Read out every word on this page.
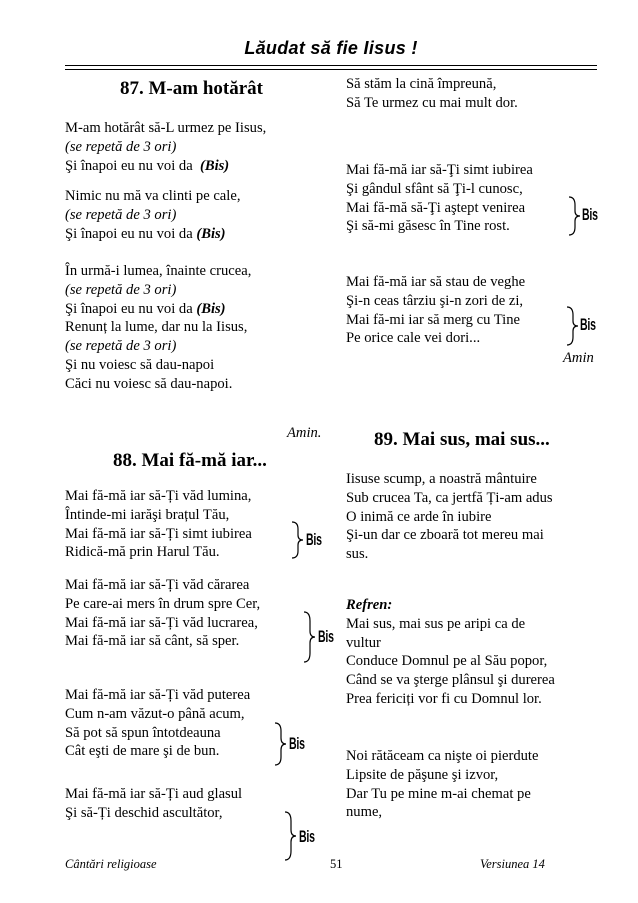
Lăudat să fie Iisus !
87. M-am hotărât
M-am hotărât să-L urmez pe Iisus,
(se repetă de 3 ori)
Şi înapoi eu nu voi da (Bis)
Nimic nu mă va clinti pe cale,
(se repetă de 3 ori)
Şi înapoi eu nu voi da (Bis)
În urmă-i lumea, înainte crucea,
(se repetă de 3 ori)
Şi înapoi eu nu voi da (Bis)
Renunț la lume, dar nu la Iisus,
(se repetă de 3 ori)
Şi nu voiesc să dau-napoi
Căci nu voiesc să dau-napoi.
Amin.
88. Mai fă-mă iar...
Mai fă-mă iar să-Ți văd lumina,
Întinde-mi iarăşi brațul Tău,
Mai fă-mă iar să-Ți simt iubirea
Ridică-mă prin Harul Tău.
Mai fă-mă iar să-Ți văd cărarea
Pe care-ai mers în drum spre Cer,
Mai fă-mă iar să-Ți văd lucrarea,
Mai fă-mă iar să cânt, să sper.
Mai fă-mă iar să-Ți văd puterea
Cum n-am văzut-o până acum,
Să pot să spun întotdeauna
Cât eşti de mare şi de bun.
Mai fă-mă iar să-Ți aud glasul
Şi să-Ți deschid ascultător,
Bis
Bis
Bis
Bis
Să stăm la cină împreună,
Să Te urmez cu mai mult dor.
Mai fă-mă iar să-Ţi simt iubirea
Şi gândul sfânt să Ţi-l cunosc,
Mai fă-mă să-Ţi aştept venirea
Şi să-mi găsesc în Tine rost.
Mai fă-mă iar să stau de veghe
Şi-n ceas târziu şi-n zori de zi,
Mai fă-mi iar să merg cu Tine
Pe orice cale vei dori...
Amin
Bis
Bis
89. Mai sus, mai sus...
Iisuse scump, a noastră mântuire
Sub crucea Ta, ca jertfă Ți-am adus
O inimă ce arde în iubire
Şi-un dar ce zboară tot mereu mai
sus.
Refren:
Mai sus, mai sus pe aripi ca de
vultur
Conduce Domnul pe al Său popor,
Când se va şterge plânsul şi durerea
Prea fericiți vor fi cu Domnul lor.
Noi rătăceam ca nişte oi pierdute
Lipsite de păşune şi izvor,
Dar Tu pe mine m-ai chemat pe
nume,
Cântări religioase	51	Versiunea 14
